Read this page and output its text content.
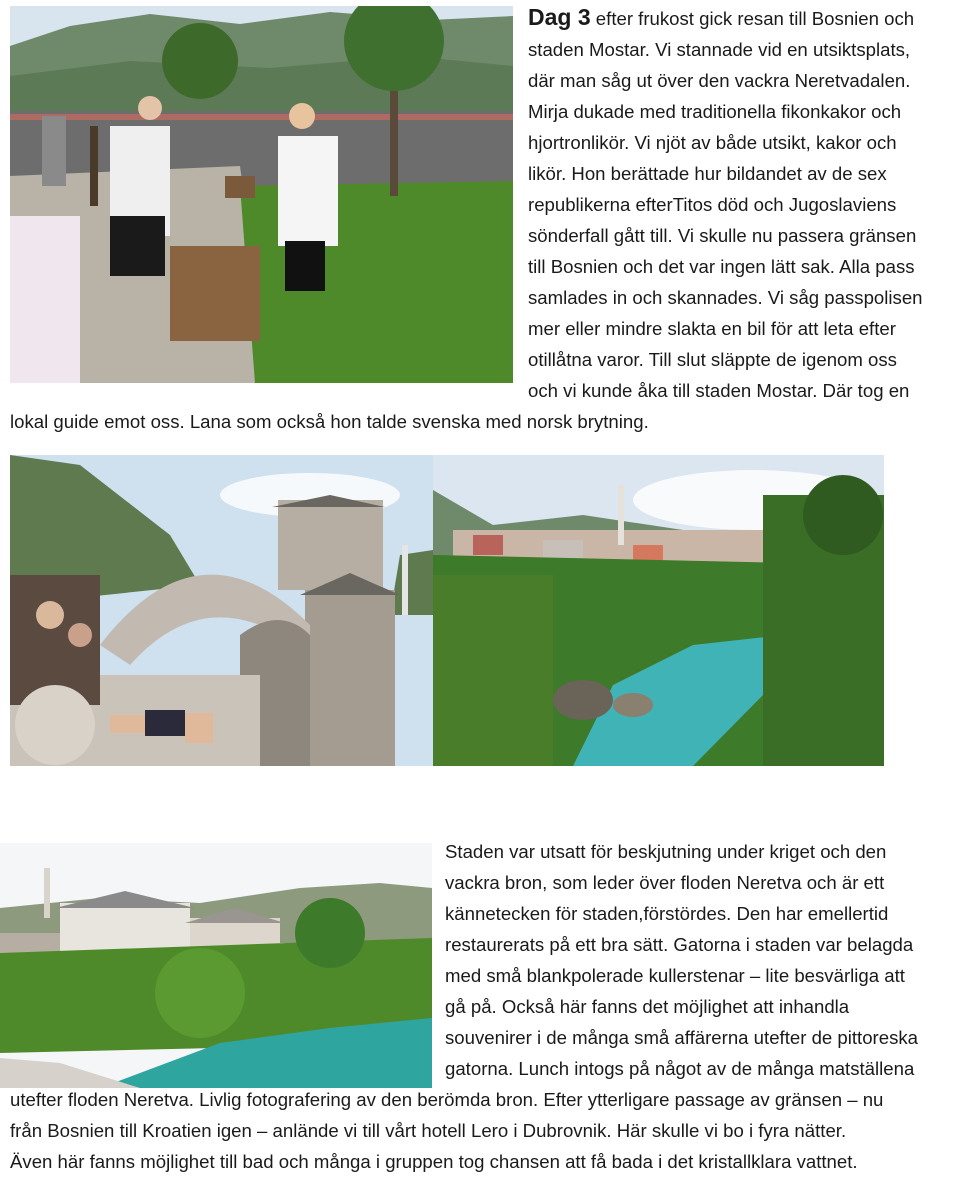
Dag 3 efter frukost gick resan till Bosnien och
staden Mostar. Vi stannade vid en utsiktsplats,
där man såg ut över den vackra Neretvadalen.
Mirja dukade med traditionella fikonkakor och
hjortronlikör. Vi njöt av både utsikt, kakor och
likör. Hon berättade hur bildandet av de sex
republikerna efterTitos död och Jugoslaviens
sönderfall gått till. Vi skulle nu passera gränsen
till Bosnien och det var ingen lätt sak. Alla pass
samlades in och skannades. Vi såg passpolisen
mer eller mindre slakta en bil för att leta efter
otillåtna varor. Till slut släppte de igenom oss
och vi kunde åka till staden Mostar. Där tog en
lokal guide emot oss. Lana som också hon talde svenska med norsk brytning.

Staden var utsatt för beskjutning under kriget och den
vackra bron, som leder över floden Neretva och är ett
kännetecken för staden,förstördes. Den har emellertid
restaurerats på ett bra sätt. Gatorna i staden var belagda
med små blankpolerade kullerstenar – lite besvärliga att
gå på. Också här fanns det möjlighet att inhandla
souvenirer i de många små affärerna utefter de pittoreska
gatorna. Lunch intogs på något av de många matställena
utefter floden Neretva. Livlig fotografering av den berömda bron. Efter ytterligare passage av gränsen – nu
från Bosnien till Kroatien igen – anlände vi till vårt hotell Lero i Dubrovnik. Här skulle vi bo i fyra nätter.
Även här fanns möjlighet till bad och många i gruppen tog chansen att få bada i det kristallklara vattnet.
